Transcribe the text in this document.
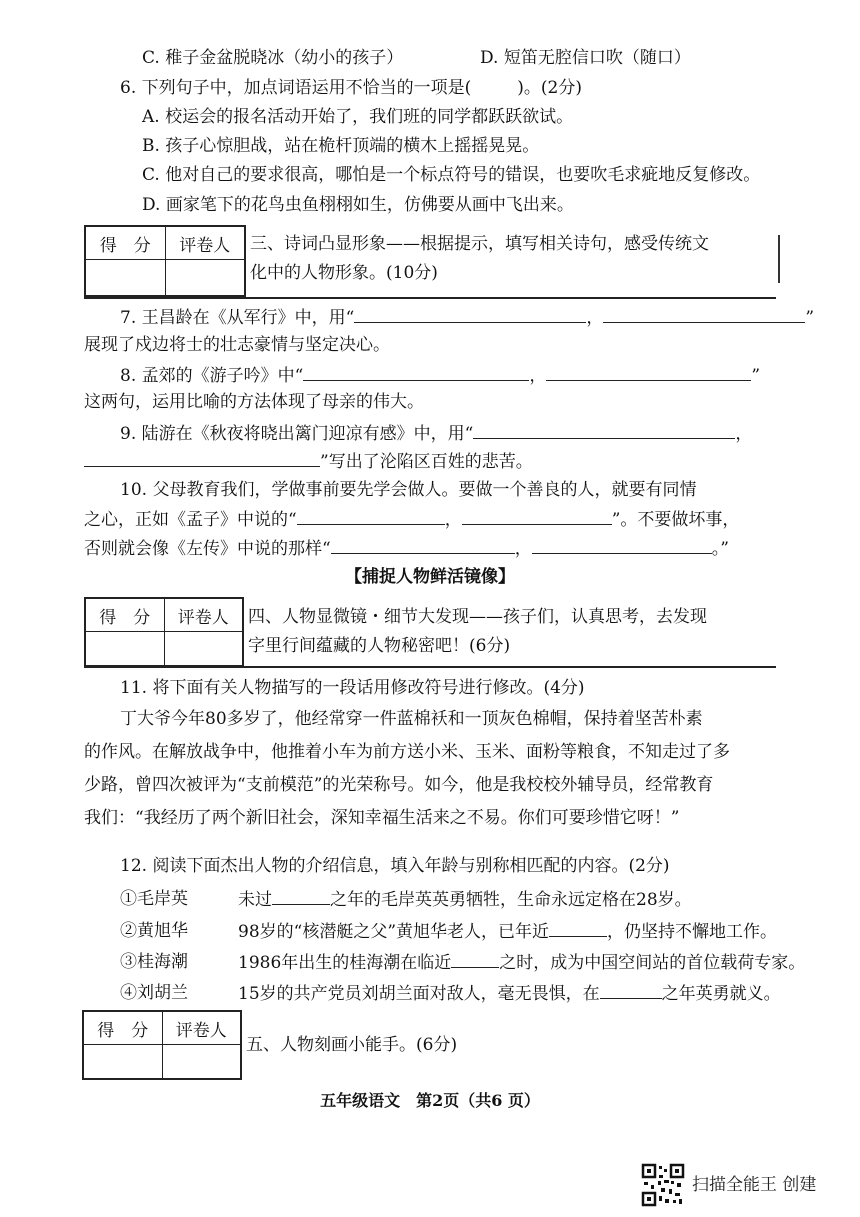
C. 稚子金盆脱晓冰（幼小的孩子）	D. 短笛无腔信口吹（随口）
6. 下列句子中，加点词语运用不恰当的一项是(	)。(2分)
A. 校运会的报名活动开始了，我们班的同学都跃跃欲试。
B. 孩子心惊胆战，站在桅杆顶端的横木上摇摇晃晃。
C. 他对自己的要求很高，哪怕是一个标点符号的错误，也要吹毛求疵地反复修改。
D. 画家笔下的花鸟虫鱼栩栩如生，仿佛要从画中飞出来。
得　分	评卷人
	三、诗词凸显形象——根据提示，填写相关诗句，感受传统文
化中的人物形象。(10分)
7. 王昌龄在《从军行》中，用“	，	”
展现了戍边将士的壮志豪情与坚定决心。
8. 孟郊的《游子吟》中“	，	”
这两句，运用比喻的方法体现了母亲的伟大。
9. 陆游在《秋夜将晓出篱门迎凉有感》中，用“	，
”写出了沦陷区百姓的悲苦。
10. 父母教育我们，学做事前要先学会做人。要做一个善良的人，就要有同情
之心，正如《孟子》中说的“	，	”。不要做坏事，
否则就会像《左传》中说的那样“	，	。”
【捕捉人物鲜活镜像】
得　分	评卷人
	四、人物显微镜・细节大发现——孩子们，认真思考，去发现
字里行间蕴藏的人物秘密吧！(6分)
11. 将下面有关人物描写的一段话用修改符号进行修改。(4分)
丁大爷今年80多岁了，他经常穿一件蓝棉袄和一顶灰色棉帽，保持着坚苦朴素
的作风。在解放战争中，他推着小车为前方送小米、玉米、面粉等粮食，不知走过了多
少路，曾四次被评为“支前模范”的光荣称号。如今，他是我校校外辅导员，经常教育
我们：“我经历了两个新旧社会，深知幸福生活来之不易。你们可要珍惜它呀！”
12. 阅读下面杰出人物的介绍信息，填入年龄与别称相匹配的内容。(2分)
①毛岸英	未过	之年的毛岸英英勇牺牲，生命永远定格在28岁。
②黄旭华	98岁的“核潜艇之父”黄旭华老人，已年近	，仍坚持不懈地工作。
③桂海潮	1986年出生的桂海潮在临近	之时，成为中国空间站的首位载荷专家。
④刘胡兰	15岁的共产党员刘胡兰面对敌人，毫无畏惧，在	之年英勇就义。
得　分	评卷人

五、人物刻画小能手。(6分)
五年级语文　第2页（共6 页）
扫描全能王 创建
